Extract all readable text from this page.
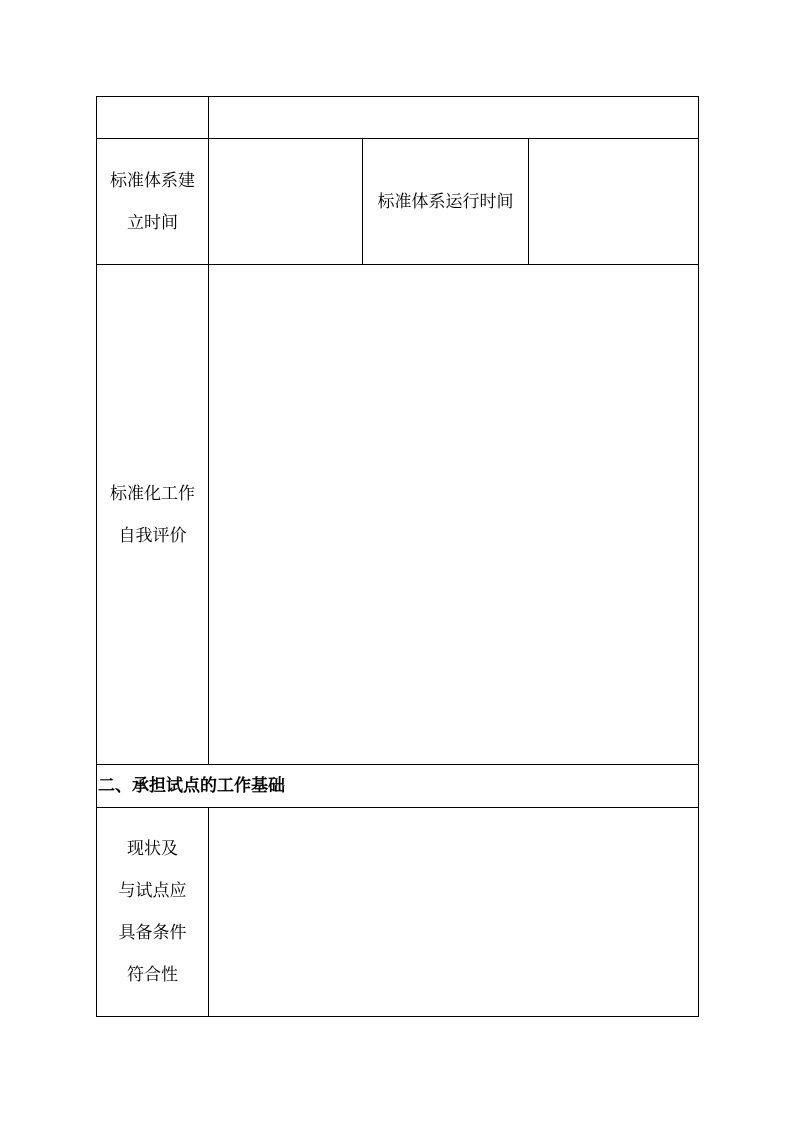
标准体系建
立时间		标准体系运行时间	

标准化工作
自我评价			

二、承担试点的工作基础			

现状及
与试点应
具备条件
符合性			
